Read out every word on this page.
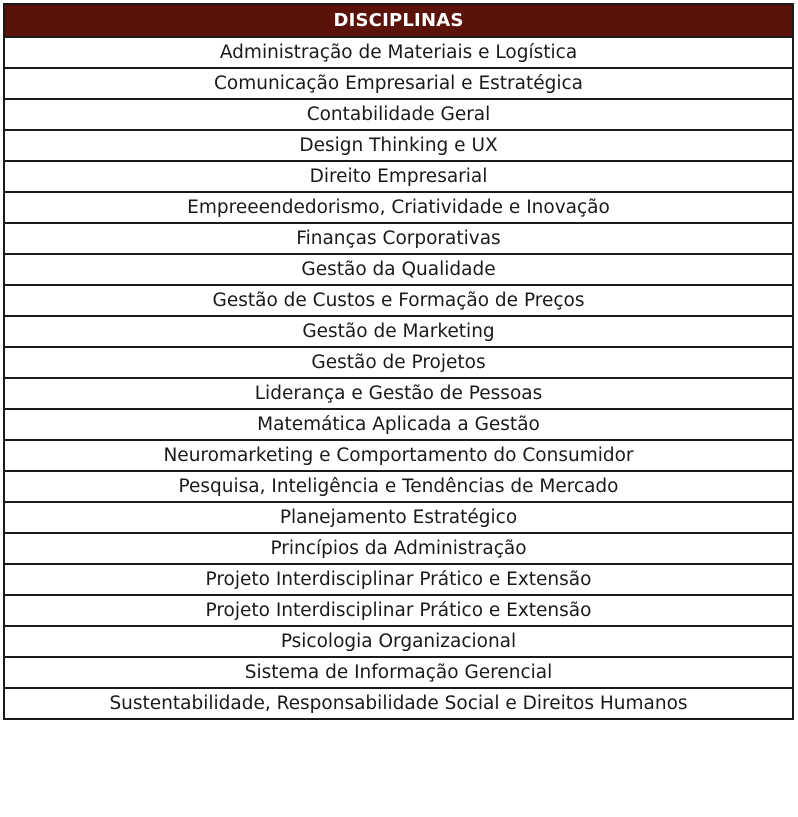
DISCIPLINAS
Administração de Materiais e Logística
Comunicação Empresarial e Estratégica
Contabilidade Geral
Design Thinking e UX
Direito Empresarial
Empreeendedorismo, Criatividade e Inovação
Finanças Corporativas
Gestão da Qualidade
Gestão de Custos e Formação de Preços
Gestão de Marketing
Gestão de Projetos
Liderança e Gestão de Pessoas
Matemática Aplicada a Gestão
Neuromarketing e Comportamento do Consumidor
Pesquisa, Inteligência e Tendências de Mercado
Planejamento Estratégico
Princípios da Administração
Projeto Interdisciplinar Prático e Extensão
Projeto Interdisciplinar Prático e Extensão
Psicologia Organizacional
Sistema de Informação Gerencial
Sustentabilidade, Responsabilidade Social e Direitos Humanos
